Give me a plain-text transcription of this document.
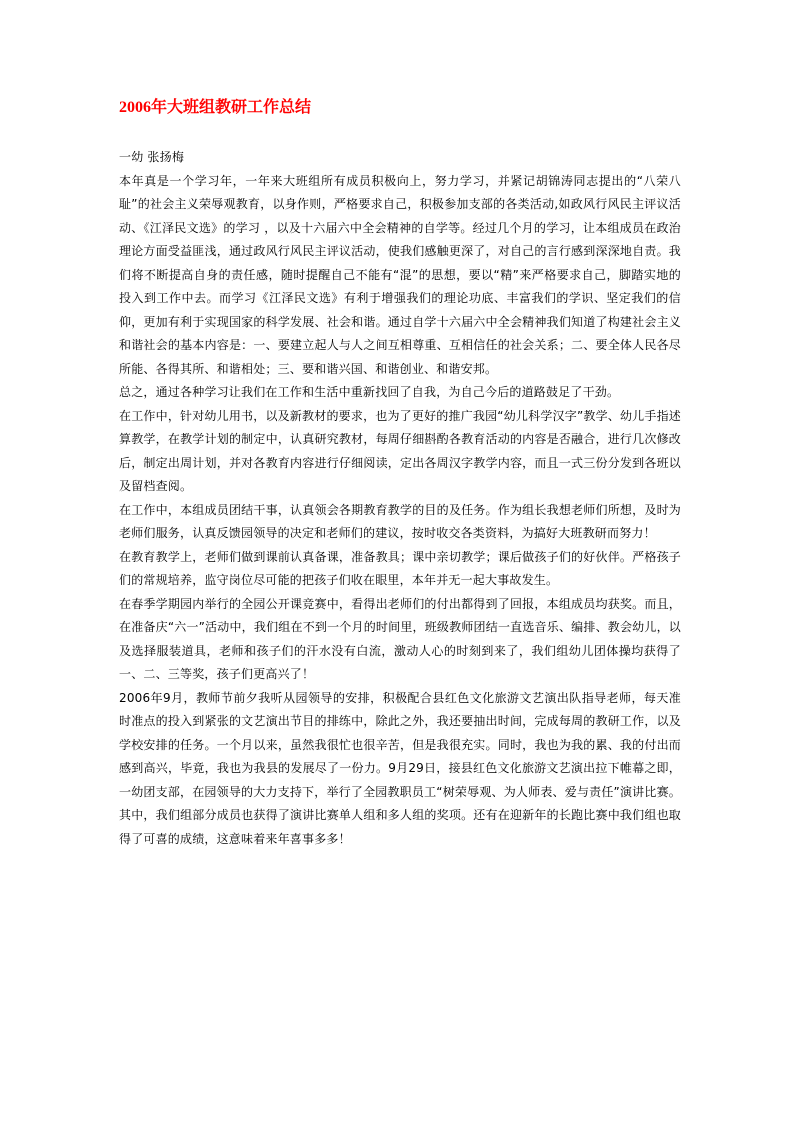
2006年大班组教研工作总结

一幼 张扬梅

本年真是一个学习年，一年来大班组所有成员积极向上，努力学习，并紧记胡锦涛同志提出的“八荣八耻”的社会主义荣辱观教育，以身作则，严格要求自己，积极参加支部的各类活动,如政风行风民主评议活动、《江泽民文选》的学习 ，以及十六届六中全会精神的自学等。经过几个月的学习，让本组成员在政治理论方面受益匪浅，通过政风行风民主评议活动，使我们感触更深了，对自己的言行感到深深地自责。我们将不断提高自身的责任感，随时提醒自己不能有“混”的思想，要以“精”来严格要求自己，脚踏实地的投入到工作中去。而学习《江泽民文选》有利于增强我们的理论功底、丰富我们的学识、坚定我们的信仰，更加有利于实现国家的科学发展、社会和谐。通过自学十六届六中全会精神我们知道了构建社会主义和谐社会的基本内容是：一、要建立起人与人之间互相尊重、互相信任的社会关系；二、要全体人民各尽所能、各得其所、和谐相处；三、要和谐兴国、和谐创业、和谐安邦。

总之，通过各种学习让我们在工作和生活中重新找回了自我，为自己今后的道路鼓足了干劲。

在工作中，针对幼儿用书，以及新教材的要求，也为了更好的推广我园“幼儿科学汉字”教学、幼儿手指述算教学，在教学计划的制定中，认真研究教材，每周仔细斟酌各教育活动的内容是否融合，进行几次修改后，制定出周计划，并对各教育内容进行仔细阅读，定出各周汉字教学内容，而且一式三份分发到各班以及留档查阅。

在工作中，本组成员团结干事，认真领会各期教育教学的目的及任务。作为组长我想老师们所想，及时为老师们服务，认真反馈园领导的决定和老师们的建议，按时收交各类资料，为搞好大班教研而努力！

在教育教学上，老师们做到课前认真备课，准备教具；课中亲切教学；课后做孩子们的好伙伴。严格孩子们的常规培养，监守岗位尽可能的把孩子们收在眼里，本年并无一起大事故发生。

在春季学期园内举行的全园公开课竞赛中，看得出老师们的付出都得到了回报，本组成员均获奖。而且，在准备庆“六一”活动中，我们组在不到一个月的时间里，班级教师团结一直选音乐、编排、教会幼儿，以及选择服装道具，老师和孩子们的汗水没有白流，激动人心的时刻到来了，我们组幼儿团体操均获得了一、二、三等奖，孩子们更高兴了！

2006年9月，教师节前夕我听从园领导的安排，积极配合县红色文化旅游文艺演出队指导老师，每天准时准点的投入到紧张的文艺演出节目的排练中，除此之外，我还要抽出时间，完成每周的教研工作，以及学校安排的任务。一个月以来，虽然我很忙也很辛苦，但是我很充实。同时，我也为我的累、我的付出而感到高兴，毕竟，我也为我县的发展尽了一份力。9月29日，接县红色文化旅游文艺演出拉下帷幕之即，一幼团支部，在园领导的大力支持下，举行了全园教职员工“树荣辱观、为人师表、爱与责任”演讲比赛。其中，我们组部分成员也获得了演讲比赛单人组和多人组的奖项。还有在迎新年的长跑比赛中我们组也取得了可喜的成绩，这意味着来年喜事多多！
